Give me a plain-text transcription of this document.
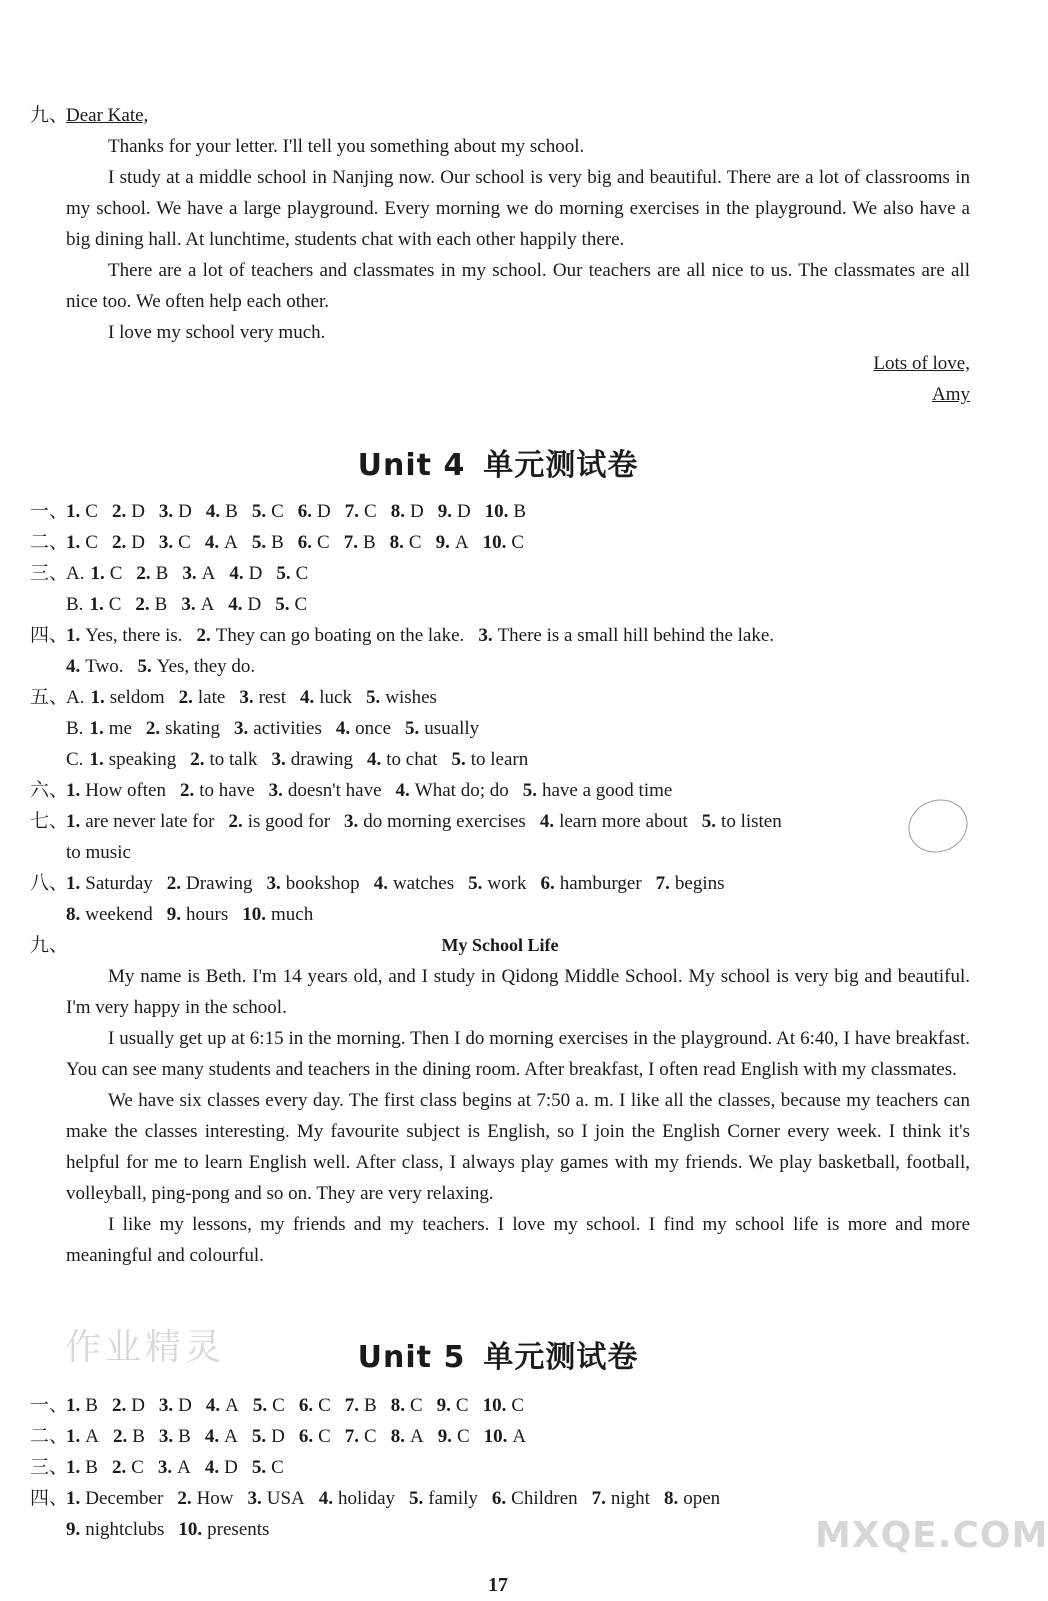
九、Dear Kate,

Thanks for your letter. I'll tell you something about my school.

I study at a middle school in Nanjing now. Our school is very big and beautiful. There are a lot of classrooms in my school. We have a large playground. Every morning we do morning exercises in the playground. We also have a big dining hall. At lunchtime, students chat with each other happily there.

There are a lot of teachers and classmates in my school. Our teachers are all nice to us. The classmates are all nice too. We often help each other.

I love my school very much.

Lots of love,
Amy
Unit 4 单元测试卷
一、1. C 2. D 3. D 4. B 5. C 6. D 7. C 8. D 9. D 10. B
二、1. C 2. D 3. C 4. A 5. B 6. C 7. B 8. C 9. A 10. C
三、A. 1. C 2. B 3. A 4. D 5. C
B. 1. C 2. B 3. A 4. D 5. C
四、1. Yes, there is. 2. They can go boating on the lake. 3. There is a small hill behind the lake.
4. Two. 5. Yes, they do.
五、A. 1. seldom 2. late 3. rest 4. luck 5. wishes
B. 1. me 2. skating 3. activities 4. once 5. usually
C. 1. speaking 2. to talk 3. drawing 4. to chat 5. to learn
六、1. How often 2. to have 3. doesn't have 4. What do; do 5. have a good time
七、1. are never late for 2. is good for 3. do morning exercises 4. learn more about 5. to listen
to music
八、1. Saturday 2. Drawing 3. bookshop 4. watches 5. work 6. hamburger 7. begins
8. weekend 9. hours 10. much
九、	My School Life

My name is Beth. I'm 14 years old, and I study in Qidong Middle School. My school is very big and beautiful. I'm very happy in the school.

I usually get up at 6:15 in the morning. Then I do morning exercises in the playground. At 6:40, I have breakfast. You can see many students and teachers in the dining room. After breakfast, I often read English with my classmates.

We have six classes every day. The first class begins at 7:50 a. m. I like all the classes, because my teachers can make the classes interesting. My favourite subject is English, so I join the English Corner every week. I think it's helpful for me to learn English well. After class, I always play games with my friends. We play basketball, football, volleyball, ping-pong and so on. They are very relaxing.

I like my lessons, my friends and my teachers. I love my school. I find my school life is more and more meaningful and colourful.

Unit 5 单元测试卷
一、1. B 2. D 3. D 4. A 5. C 6. C 7. B 8. C 9. C 10. C
二、1. A 2. B 3. B 4. A 5. D 6. C 7. C 8. A 9. C 10. A
三、1. B 2. C 3. A 4. D 5. C
四、1. December 2. How 3. USA 4. holiday 5. family 6. Children 7. night 8. open
9. nightclubs 10. presents
作业精灵
MXQE.COM
17
